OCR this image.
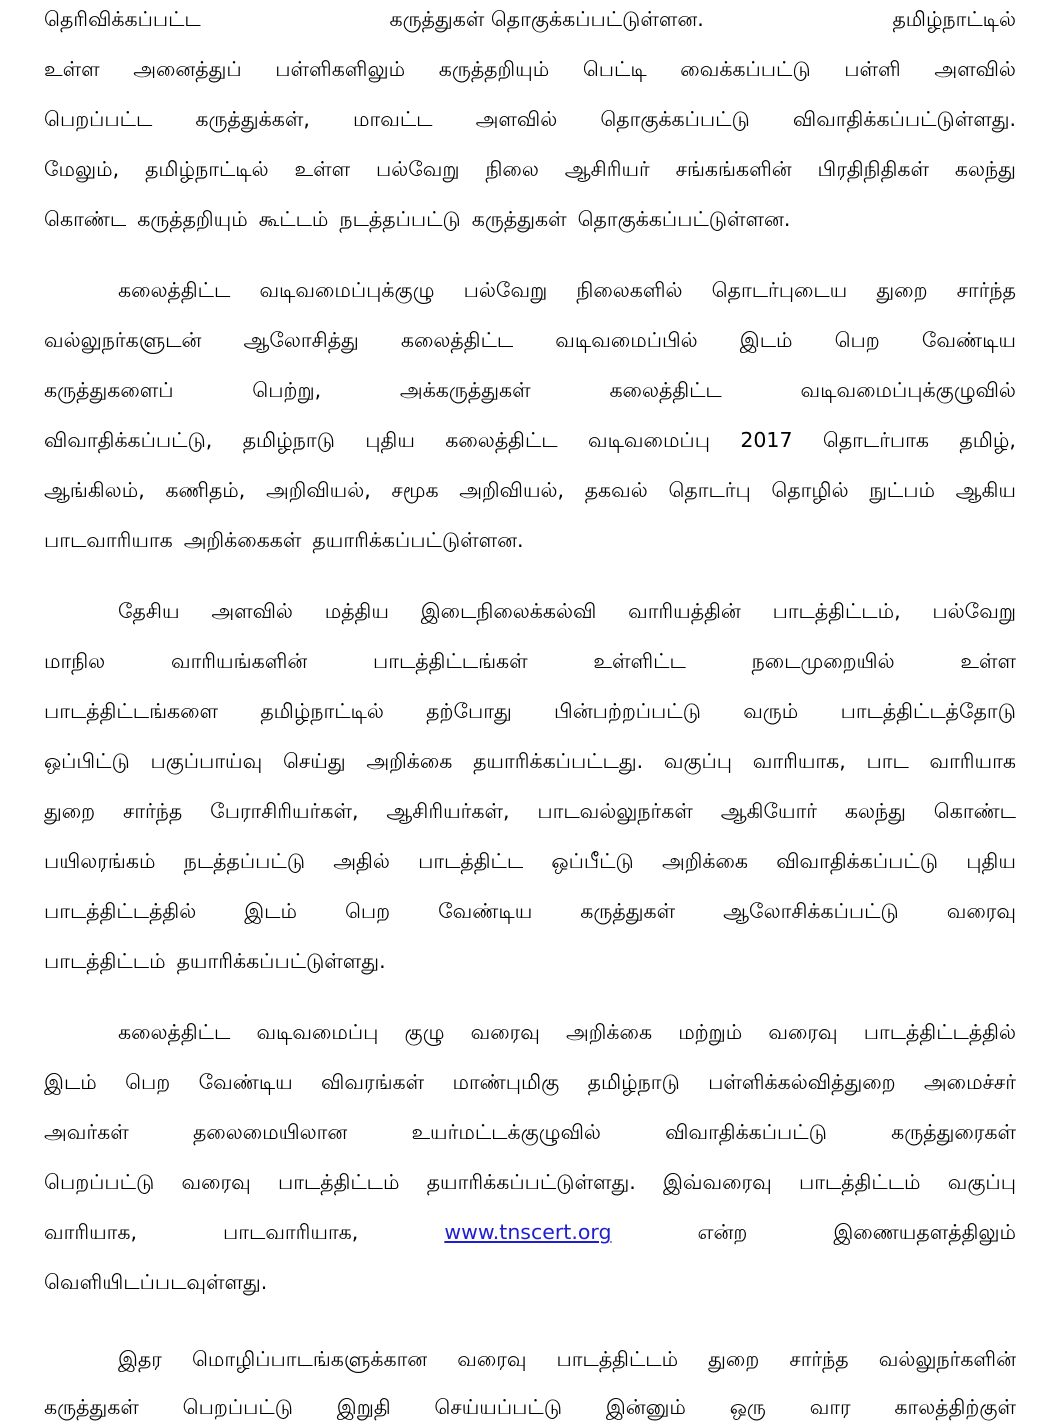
தெரிவிக்கப்பட்ட	கருத்துகள் தொகுக்கப்பட்டுள்ளன.	தமிழ்நாட்டில்
உள்ள அனைத்துப் பள்ளிகளிலும் கருத்தறியும் பெட்டி வைக்கப்பட்டு பள்ளி அளவில்
பெறப்பட்ட கருத்துக்கள், மாவட்ட அளவில் தொகுக்கப்பட்டு விவாதிக்கப்பட்டுள்ளது.
மேலும், தமிழ்நாட்டில் உள்ள பல்வேறு நிலை ஆசிரியர் சங்கங்களின் பிரதிநிதிகள் கலந்து
கொண்ட கருத்தறியும் கூட்டம் நடத்தப்பட்டு கருத்துகள் தொகுக்கப்பட்டுள்ளன.
கலைத்திட்ட வடிவமைப்புக்குழு பல்வேறு நிலைகளில் தொடர்புடைய துறை சார்ந்த
வல்லுநர்களுடன் ஆலோசித்து கலைத்திட்ட வடிவமைப்பில் இடம் பெற வேண்டிய
கருத்துகளைப்	பெற்று,	அக்கருத்துகள்	கலைத்திட்ட	வடிவமைப்புக்குழுவில்
விவாதிக்கப்பட்டு, தமிழ்நாடு புதிய கலைத்திட்ட வடிவமைப்பு 2017 தொடர்பாக தமிழ்,
ஆங்கிலம், கணிதம், அறிவியல், சமூக அறிவியல், தகவல் தொடர்பு தொழில் நுட்பம் ஆகிய
பாடவாரியாக அறிக்கைகள் தயாரிக்கப்பட்டுள்ளன.
தேசிய அளவில் மத்திய இடைநிலைக்கல்வி வாரியத்தின் பாடத்திட்டம், பல்வேறு
மாநில	வாரியங்களின்	பாடத்திட்டங்கள்	உள்ளிட்ட	நடைமுறையில்	உள்ள
பாடத்திட்டங்களை தமிழ்நாட்டில் தற்போது பின்பற்றப்பட்டு வரும் பாடத்திட்டத்தோடு
ஒப்பிட்டு பகுப்பாய்வு செய்து அறிக்கை தயாரிக்கப்பட்டது. வகுப்பு வாரியாக, பாட வாரியாக
துறை சார்ந்த பேராசிரியர்கள், ஆசிரியர்கள், பாடவல்லுநர்கள் ஆகியோர் கலந்து கொண்ட
பயிலரங்கம் நடத்தப்பட்டு அதில் பாடத்திட்ட ஒப்பீட்டு அறிக்கை விவாதிக்கப்பட்டு புதிய
பாடத்திட்டத்தில் இடம் பெற வேண்டிய கருத்துகள் ஆலோசிக்கப்பட்டு வரைவு
பாடத்திட்டம் தயாரிக்கப்பட்டுள்ளது.
கலைத்திட்ட வடிவமைப்பு குழு வரைவு அறிக்கை மற்றும் வரைவு பாடத்திட்டத்தில்
இடம் பெற வேண்டிய விவரங்கள் மாண்புமிகு தமிழ்நாடு பள்ளிக்கல்வித்துறை அமைச்சர்
அவர்கள்	தலைமையிலான	உயர்மட்டக்குழுவில்	விவாதிக்கப்பட்டு	கருத்துரைகள்
பெறப்பட்டு வரைவு பாடத்திட்டம் தயாரிக்கப்பட்டுள்ளது. இவ்வரைவு பாடத்திட்டம் வகுப்பு
வாரியாக,	பாடவாரியாக,	www.tnscert.org	என்ற	இணையதளத்திலும்
வெளியிடப்படவுள்ளது.
இதர மொழிப்பாடங்களுக்கான வரைவு பாடத்திட்டம் துறை சார்ந்த வல்லுநர்களின்
கருத்துகள் பெறப்பட்டு இறுதி செய்யப்பட்டு இன்னும் ஒரு வார காலத்திற்குள்
